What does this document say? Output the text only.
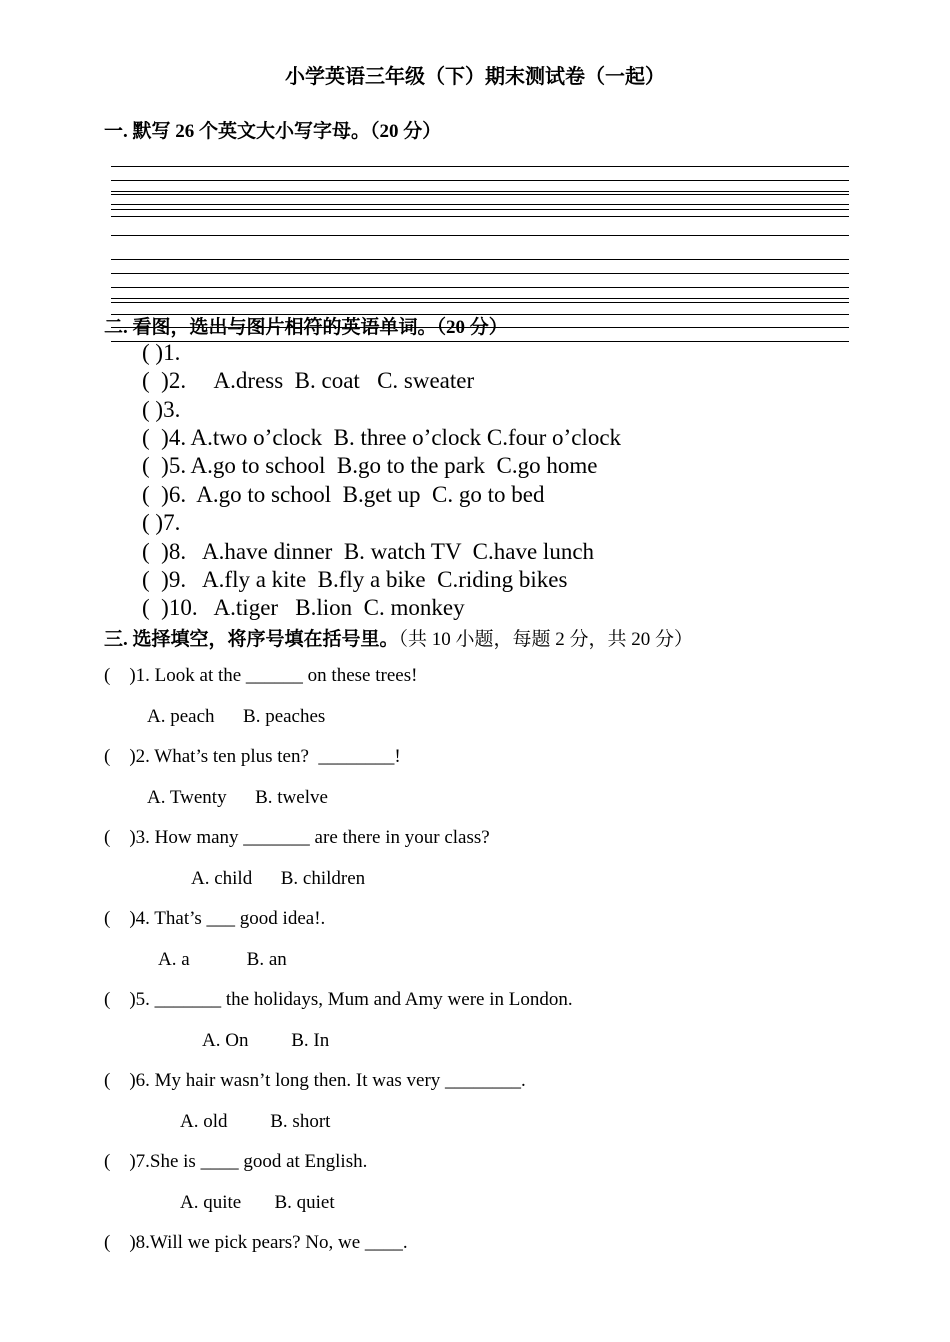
小学英语三年级（下）期末测试卷（一起）
一. 默写 26 个英文大小写字母。（20 分）
二. 看图，选出与图片相符的英语单词。（20 分）
( )1.
(  )2.     A.dress  B. coat   C. sweater
( )3.
(  )4. A.two o’clock  B. three o’clock C.four o’clock
(  )5. A.go to school  B.go to the park  C.go home
(  )6.  A.go to school  B.get up  C. go to bed
( )7.
(  )8.   A.have dinner  B. watch TV  C.have lunch
(  )9.   A.fly a kite  B.fly a bike  C.riding bikes
(  )10.   A.tiger   B.lion  C. monkey
三. 选择填空，将序号填在括号里。（共 10 小题，每题 2 分，共 20 分）
(    )1. Look at the ______ on these trees!
A. peach      B. peaches
(    )2. What’s ten plus ten?  ________!
A. Twenty      B. twelve
(    )3. How many _______ are there in your class?
A. child      B. children
(    )4. That’s ___ good idea!.
A. a            B. an
(    )5. _______ the holidays, Mum and Amy were in London.
A. On         B. In
(    )6. My hair wasn’t long then. It was very ________.
A. old         B. short
(    )7.She is ____ good at English.
A. quite       B. quiet
(    )8.Will we pick pears? No, we ____.
